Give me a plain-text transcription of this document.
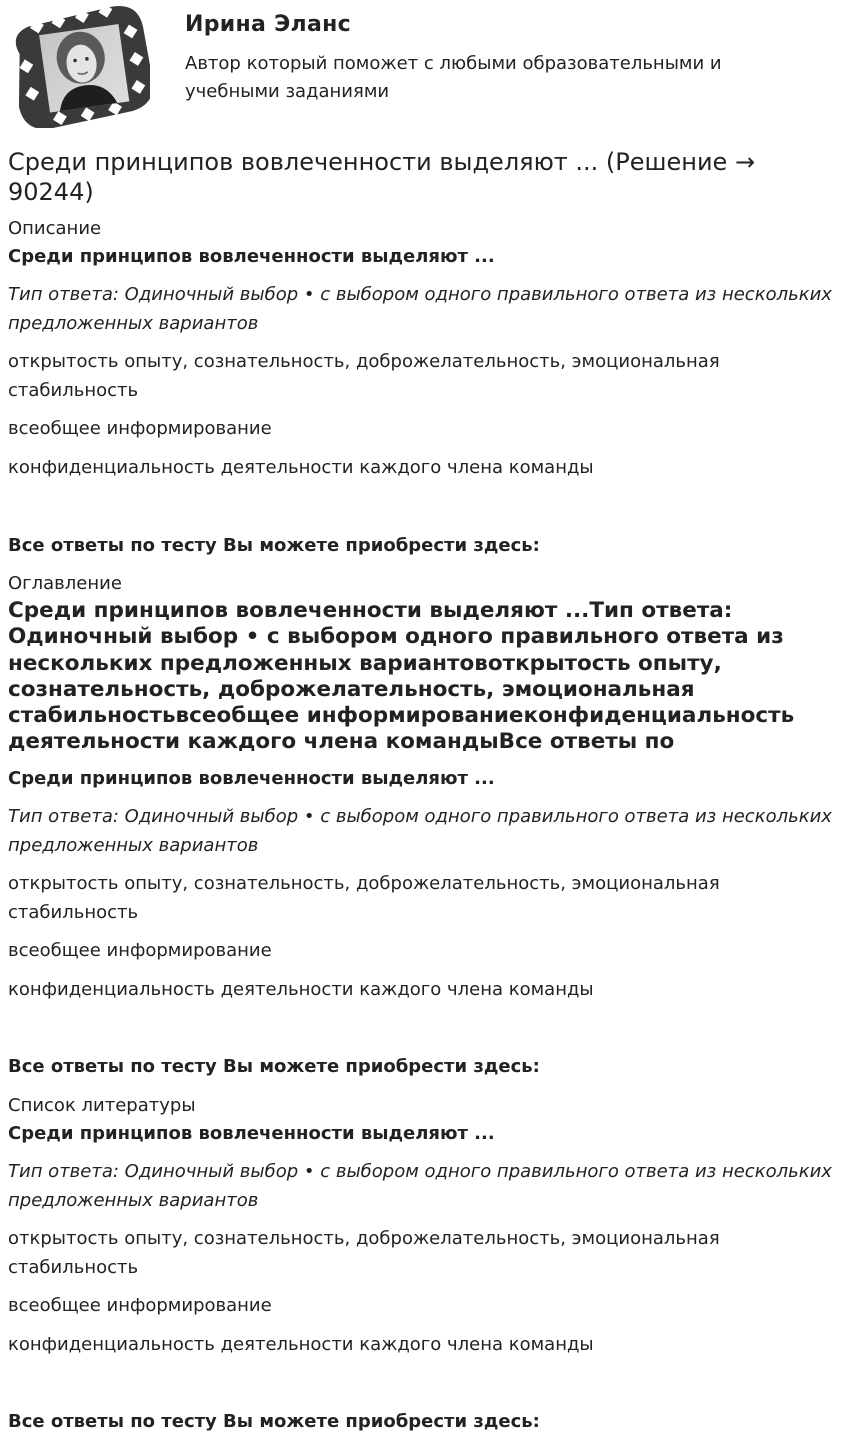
Ирина Эланс

Автор который поможет с любыми образовательными и учебными заданиями

Среди принципов вовлеченности выделяют ... (Решение → 90244)

Описание

Среди принципов вовлеченности выделяют ...

Тип ответа: Одиночный выбор • с выбором одного правильного ответа из нескольких предложенных вариантов

открытость опыту, сознательность, доброжелательность, эмоциональная стабильность

всеобщее информирование

конфиденциальность деятельности каждого члена команды

Все ответы по тесту Вы можете приобрести здесь:

Оглавление

Среди принципов вовлеченности выделяют ...Тип ответа: Одиночный выбор • с выбором одного правильного ответа из нескольких предложенных вариантовоткрытость опыту, сознательность, доброжелательность, эмоциональная стабильностьвсеобщее информированиеконфиденциальность деятельности каждого члена командыВсе ответы по

Среди принципов вовлеченности выделяют ...

Тип ответа: Одиночный выбор • с выбором одного правильного ответа из нескольких предложенных вариантов

открытость опыту, сознательность, доброжелательность, эмоциональная стабильность

всеобщее информирование

конфиденциальность деятельности каждого члена команды

Все ответы по тесту Вы можете приобрести здесь:

Список литературы

Среди принципов вовлеченности выделяют ...

Тип ответа: Одиночный выбор • с выбором одного правильного ответа из нескольких предложенных вариантов

открытость опыту, сознательность, доброжелательность, эмоциональная стабильность

всеобщее информирование

конфиденциальность деятельности каждого члена команды

Все ответы по тесту Вы можете приобрести здесь:
